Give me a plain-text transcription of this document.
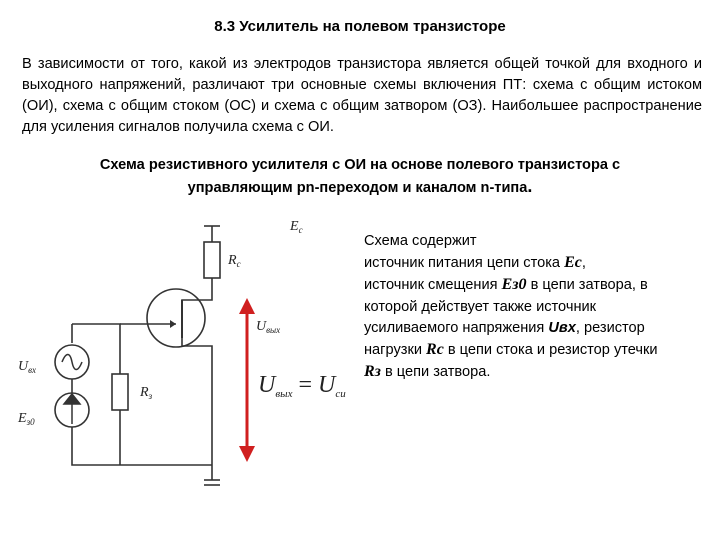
8.3 Усилитель на полевом транзисторе
В зависимости от того, какой из электродов транзистора является общей точкой для входного и выходного напряжений, различают три основные схемы включения ПТ: схема с общим истоком (ОИ), схема с общим стоком (ОС) и схема с общим затвором (ОЗ). Наибольшее распространение для усиления сигналов получила схема с ОИ.
Схема резистивного усилителя с ОИ на основе полевого транзистора с
управляющим pn-переходом и каналом n-типа.
Схема содержит
источник питания цепи стока Ec,
источник смещения Ез0 в цепи затвора, в
которой действует также источник
усиливаемого напряжения Uвх, резистор
нагрузки Rс в цепи стока и резистор утечки
Rз в цепи затвора.
$E_c$
$R_c$
$U_{вых}$
$U_{вх}$
$R_з$
$E_{з0}$
$U_{вых} = U_{си}$
